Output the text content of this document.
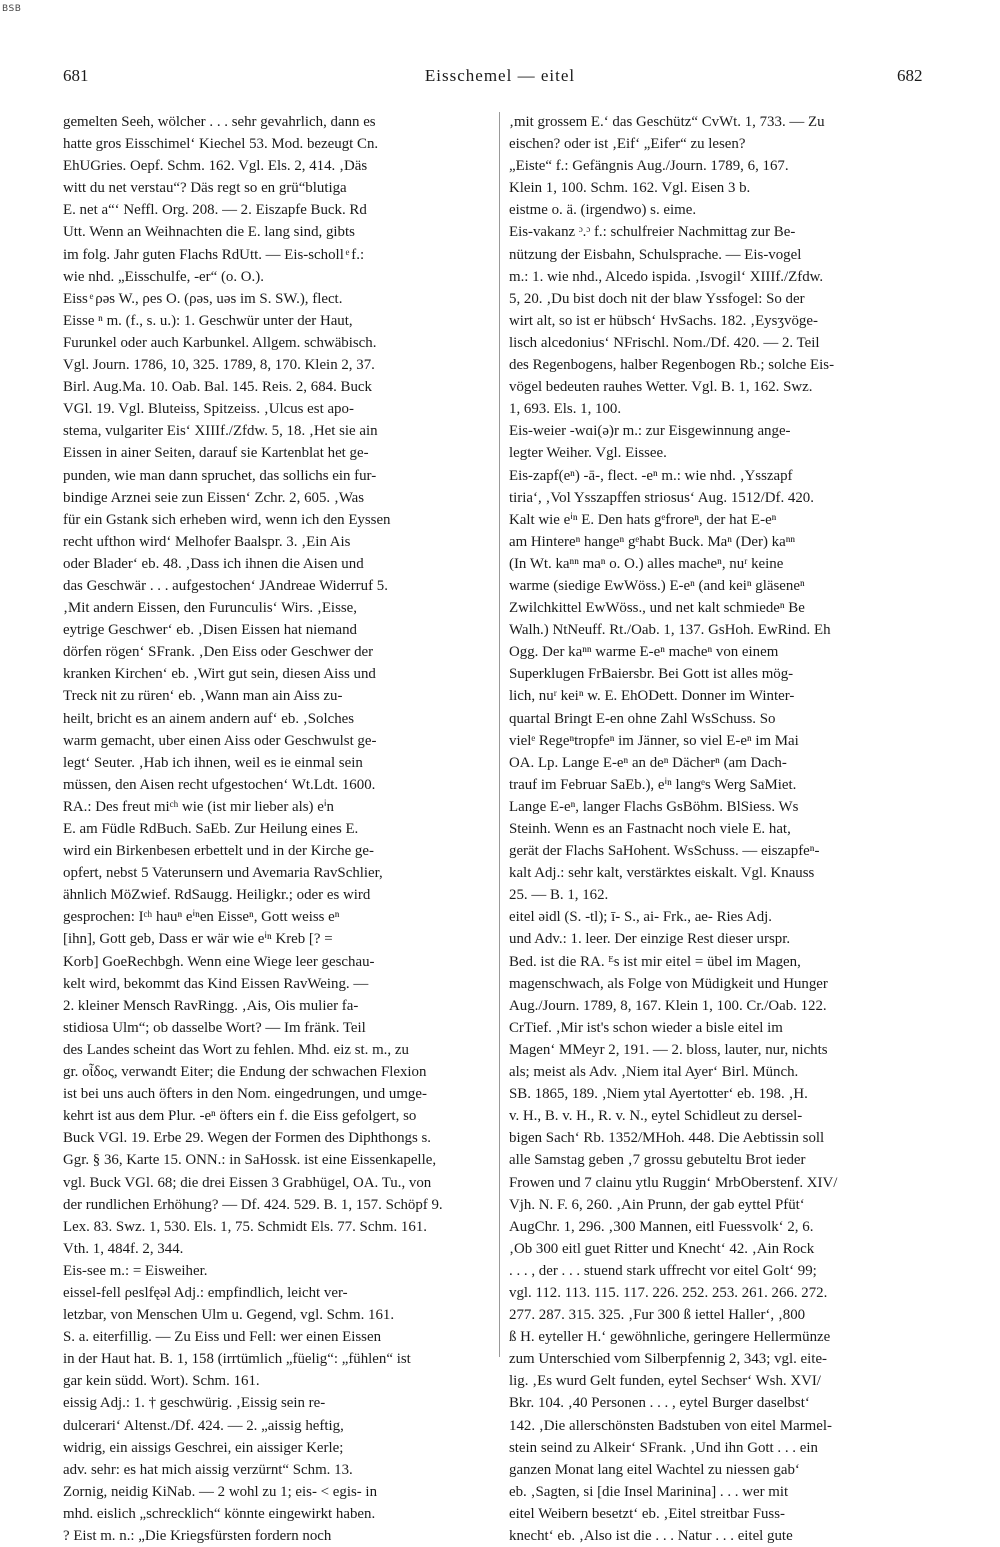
BSB
681	Eisschemel — eitel	682
gemelten Seeh, wölcher . . . sehr gevahrlich, dann es
hatte gros Eisschimel‘ Kiechel 53. Mod. bezeugt Cn.
EhUGries. Oepf. Schm. 162. Vgl. Els. 2, 414. ‚Däs
witt du net verstau“? Däs regt so en grü“blutiga
E. net a“‘ Neffl. Org. 208. — 2. Eiszapfe Buck. Rd
Utt. Wenn an Weihnachten die E. lang sind, gibts
im folg. Jahr guten Flachs RdUtt. — Eis-scholl ͤ f.:
wie nhd. „Eisschulfe, -er“ (o. O.).
Eiss ͤ ρəs W., ρes O. (ρəs, uəs im S. SW.), flect.
Eisse ⁿ m. (f., s. u.): 1. Geschwür unter der Haut,
Furunkel oder auch Karbunkel. Allgem. schwäbisch.
Vgl. Journ. 1786, 10, 325. 1789, 8, 170. Klein 2, 37.
Birl. Aug.Ma. 10. Oab. Bal. 145. Reis. 2, 684. Buck
VGl. 19. Vgl. Bluteiss, Spitzeiss. ‚Ulcus est apo-
stema, vulgariter Eis‘ XIIIf./Zfdw. 5, 18. ‚Het sie ain
Eissen in ainer Seiten, darauf sie Kartenblat het ge-
punden, wie man dann spruchet, das sollichs ein fur-
bindige Arznei seie zun Eissen‘ Zchr. 2, 605. ‚Was
für ein Gstank sich erheben wird, wenn ich den Eyssen
recht ufthon wird‘ Melhofer Baalspr. 3. ‚Ein Ais
oder Blader‘ eb. 48. ‚Dass ich ihnen die Aisen und
das Geschwär . . . aufgestochen‘ JAndreae Widerruf 5.
‚Mit andern Eissen, den Furunculis‘ Wirs. ‚Eisse,
eytrige Geschwer‘ eb. ‚Disen Eissen hat niemand
dörfen rögen‘ SFrank. ‚Den Eiss oder Geschwer der
kranken Kirchen‘ eb. ‚Wirt gut sein, diesen Aiss und
Treck nit zu rüren‘ eb. ‚Wann man ain Aiss zu-
heilt, bricht es an ainem andern auf‘ eb. ‚Solches
warm gemacht, uber einen Aiss oder Geschwulst ge-
legt‘ Seuter. ‚Hab ich ihnen, weil es ie einmal sein
müssen, den Aisen recht ufgestochen‘ Wt.Ldt. 1600.
RA.: Des freut miᶜʰ wie (ist mir lieber als) eⁱn
E. am Füdle RdBuch. SaEb. Zur Heilung eines E.
wird ein Birkenbesen erbettelt und in der Kirche ge-
opfert, nebst 5 Vaterunsern und Avemaria RavSchlier,
ähnlich MöZwief. RdSaugg. Heiligkr.; oder es wird
gesprochen: Iᶜʰ hauⁿ eⁱⁿen Eisseⁿ, Gott weiss eⁿ
[ihn], Gott geb, Dass er wär wie eⁱⁿ Kreb [? =
Korb] GoeRechbgh. Wenn eine Wiege leer geschau-
kelt wird, bekommt das Kind Eissen RavWeing. —
2. kleiner Mensch RavRingg. ‚Ais, Ois mulier fa-
stidiosa Ulm“; ob dasselbe Wort? — Im fränk. Teil
des Landes scheint das Wort zu fehlen. Mhd. eiz st. m., zu
gr. οἶδος, verwandt Eiter; die Endung der schwachen Flexion
ist bei uns auch öfters in den Nom. eingedrungen, und umge-
kehrt ist aus dem Plur. -eⁿ öfters ein f. die Eiss gefolgert, so
Buck VGl. 19. Erbe 29. Wegen der Formen des Diphthongs s.
Ggr. § 36, Karte 15. ONN.: in SaHossk. ist eine Eissenkapelle,
vgl. Buck VGl. 68; die drei Eissen 3 Grabhügel, OA. Tu., von
der rundlichen Erhöhung? — Df. 424. 529. B. 1, 157. Schöpf 9.
Lex. 83. Swz. 1, 530. Els. 1, 75. Schmidt Els. 77. Schm. 161.
Vth. 1, 484f. 2, 344.
Eis-see m.: = Eisweiher.
eissel-fell ρeslfęəl Adj.: empfindlich, leicht ver-
letzbar, von Menschen Ulm u. Gegend, vgl. Schm. 161.
S. a. eiterfillig. — Zu Eiss und Fell: wer einen Eissen
in der Haut hat. B. 1, 158 (irrtümlich „füelig“: „fühlen“ ist
gar kein südd. Wort). Schm. 161.
eissig Adj.: 1. † geschwürig. ‚Eissig sein re-
dulcerari‘ Altenst./Df. 424. — 2. „aissig heftig,
widrig, ein aissigs Geschrei, ein aissiger Kerle;
adv. sehr: es hat mich aissig verzürnt“ Schm. 13.
Zornig, neidig KiNab. — 2 wohl zu 1; eis- < egis- in
mhd. eislich „schrecklich“ könnte eingewirkt haben.
? Eist m. n.: „Die Kriegsfürsten fordern noch
‚mit grossem E.‘ das Geschütz“ CvWt. 1, 733. — Zu
eischen? oder ist ‚Eif‘ „Eifer“ zu lesen?
„Eiste“ f.: Gefängnis Aug./Journ. 1789, 6, 167.
Klein 1, 100. Schm. 162. Vgl. Eisen 3 b.
eistme o. ä. (irgendwo) s. eime.
Eis-vakanz ᵓ.ᵓ f.: schulfreier Nachmittag zur Be-
nützung der Eisbahn, Schulsprache. — Eis-vogel
m.: 1. wie nhd., Alcedo ispida. ‚Isvogil‘ XIIIf./Zfdw.
5, 20. ‚Du bist doch nit der blaw Yssfogel: So der
wirt alt, so ist er hübsch‘ HvSachs. 182. ‚Eysʒvöge-
lisch alcedonius‘ NFrischl. Nom./Df. 420. — 2. Teil
des Regenbogens, halber Regenbogen Rb.; solche Eis-
vögel bedeuten rauhes Wetter. Vgl. B. 1, 162. Swz.
1, 693. Els. 1, 100.
Eis-weier -wɑi(ə)r m.: zur Eisgewinnung ange-
legter Weiher. Vgl. Eissee.
Eis-zapf(eⁿ) -ā-, flect. -eⁿ m.: wie nhd. ‚Ysszapf
tiria‘, ‚Vol Ysszapffen striosus‘ Aug. 1512/Df. 420.
Kalt wie eⁱⁿ E. Den hats gᵉfroreⁿ, der hat E-eⁿ
am Hintereⁿ hangeⁿ gᵉhabt Buck. Maⁿ (Der) kaⁿⁿ
(In Wt. kaⁿⁿ maⁿ o. O.) alles macheⁿ, nuʳ keine
warme (siedige EwWöss.) E-eⁿ (and keiⁿ gläseneⁿ
Zwilchkittel EwWöss., und net kalt schmiedeⁿ Be
Walh.) NtNeuff. Rt./Oab. 1, 137. GsHoh. EwRind. Eh
Ogg. Der kaⁿⁿ warme E-eⁿ macheⁿ von einem
Superklugen FrBaiersbr. Bei Gott ist alles mög-
lich, nuʳ keiⁿ w. E. EhODett. Donner im Winter-
quartal Bringt E-en ohne Zahl WsSchuss. So
vielᵉ Regeⁿtropfeⁿ im Jänner, so viel E-eⁿ im Mai
OA. Lp. Lange E-eⁿ an deⁿ Dächerⁿ (am Dach-
trauf im Februar SaEb.), eⁱⁿ langᵉs Werg SaMiet.
Lange E-eⁿ, langer Flachs GsBöhm. BlSiess. Ws
Steinh. Wenn es an Fastnacht noch viele E. hat,
gerät der Flachs SaHohent. WsSchuss. — eiszapfeⁿ-
kalt Adj.: sehr kalt, verstärktes eiskalt. Vgl. Knauss
25. — B. 1, 162.
eitel əidl (S. -tl); ī- S., ai- Frk., ae- Ries Adj.
und Adv.: 1. leer. Der einzige Rest dieser urspr.
Bed. ist die RA. ᴱs ist mir eitel = übel im Magen,
magenschwach, als Folge von Müdigkeit und Hunger
Aug./Journ. 1789, 8, 167. Klein 1, 100. Cr./Oab. 122.
CrTief. ‚Mir ist's schon wieder a bisle eitel im
Magen‘ MMeyr 2, 191. — 2. bloss, lauter, nur, nichts
als; meist als Adv. ‚Niem ital Ayer‘ Birl. Münch.
SB. 1865, 189. ‚Niem ytal Ayertotter‘ eb. 198. ‚H.
v. H., B. v. H., R. v. N., eytel Schidleut zu dersel-
bigen Sach‘ Rb. 1352/MHoh. 448. Die Aebtissin soll
alle Samstag geben ‚7 grossu gebuteltu Brot ieder
Frowen und 7 clainu ytlu Ruggin‘ MrbOberstenf. XIV/
Vjh. N. F. 6, 260. ‚Ain Prunn, der gab eyttel Pfüt‘
AugChr. 1, 296. ‚300 Mannen, eitl Fuessvolk‘ 2, 6.
‚Ob 300 eitl guet Ritter und Knecht‘ 42. ‚Ain Rock
. . . , der . . . stuend stark uffrecht vor eitel Golt‘ 99;
vgl. 112. 113. 115. 117. 226. 252. 253. 261. 266. 272.
277. 287. 315. 325. ‚Fur 300 ß iettel Haller‘, ‚800
ß H. eyteller H.‘ gewöhnliche, geringere Hellermünze
zum Unterschied vom Silberpfennig 2, 343; vgl. eite-
lig. ‚Es wurd Gelt funden, eytel Sechser‘ Wsh. XVI/
Bkr. 104. ‚40 Personen . . . , eytel Burger daselbst‘
142. ‚Die allerschönsten Badstuben von eitel Marmel-
stein seind zu Alkeir‘ SFrank. ‚Und ihn Gott . . . ein
ganzen Monat lang eitel Wachtel zu niessen gab‘
eb. ‚Sagten, si [die Insel Marinina] . . . wer mit
eitel Weibern besetzt‘ eb. ‚Eitel streitbar Fuss-
knecht‘ eb. ‚Also ist die . . . Natur . . . eitel gute
